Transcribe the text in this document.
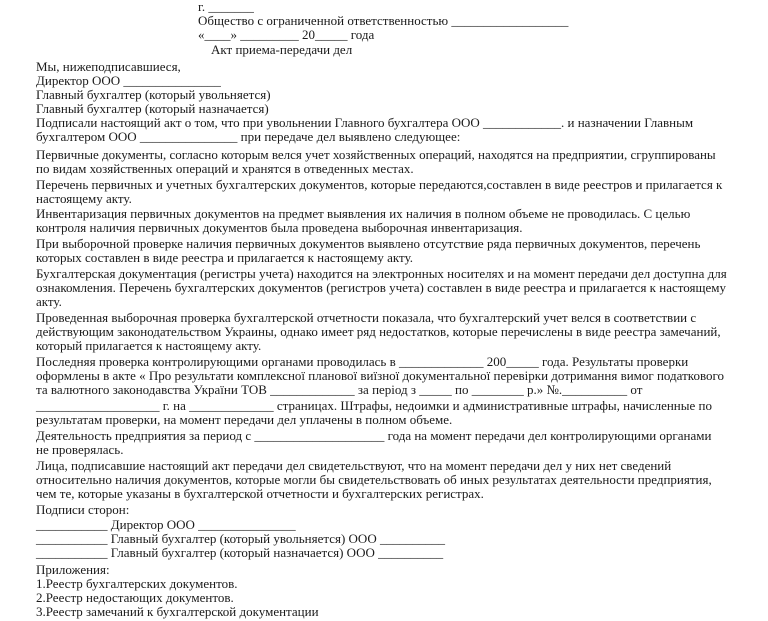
г. _______
Общество с ограниченной ответственностью __________________
«____» _________ 20_____ года
Акт приема-передачи дел
Мы, нижеподписавшиеся,
Директор ООО _______________
Главный бухгалтер (который увольняется)
Главный бухгалтер (который назначается)
Подписали настоящий акт о том, что при увольнении Главного бухгалтера ООО ____________. и назначении Главным
бухгалтером ООО _______________ при передаче дел выявлено следующее:
Первичные документы, согласно которым велся учет хозяйственных операций, находятся на предприятии, сгруппированы
по видам хозяйственных операций и хранятся в отведенных местах.
Перечень первичных и учетных бухгалтерских документов, которые передаются,составлен в виде реестров и прилагается к
настоящему акту.
Инвентаризация первичных документов на предмет выявления их наличия в полном объеме не проводилась. С целью
контроля наличия первичных документов была проведена выборочная инвентаризация.
При выборочной проверке наличия первичных документов выявлено отсутствие ряда первичных документов, перечень
которых составлен в виде реестра и прилагается к настоящему акту.
Бухгалтерская документация (регистры учета) находится на электронных носителях и на момент передачи дел доступна для
ознакомления. Перечень бухгалтерских документов (регистров учета) составлен в виде реестра и прилагается к настоящему
акту.
Проведенная выборочная проверка бухгалтерской отчетности показала, что бухгалтерский учет велся в соответствии с
действующим законодательством Украины, однако имеет ряд недостатков, которые перечислены в виде реестра замечаний,
который прилагается к настоящему акту.
Последняя проверка контролирующими органами проводилась в _____________ 200_____ года. Результаты проверки
оформлены в акте « Про результати комплексної планової виїзної документальної перевірки дотримання вимог податкового
та валютного законодавства України ТОВ _____________ за період з _____ по ________ р.» №.__________ от
___________________ г. на _____________ страницах. Штрафы, недоимки и административные штрафы, начисленные по
результатам проверки, на момент передачи дел уплачены в полном объеме.
Деятельность предприятия за период с ____________________ года на момент передачи дел контролирующими органами
не проверялась.
Лица, подписавшие настоящий акт передачи дел свидетельствуют, что на момент передачи дел у них нет сведений
относительно наличия документов, которые могли бы свидетельствовать об иных результатах деятельности предприятия,
чем те, которые указаны в бухгалтерской отчетности и бухгалтерских регистрах.
Подписи сторон:
___________ Директор ООО _______________
___________ Главный бухгалтер (который увольняется) ООО __________
___________ Главный бухгалтер (который назначается) ООО __________
Приложения:
1.Реестр бухгалтерских документов.
2.Реестр недостающих документов.
3.Реестр замечаний к бухгалтерской документации
